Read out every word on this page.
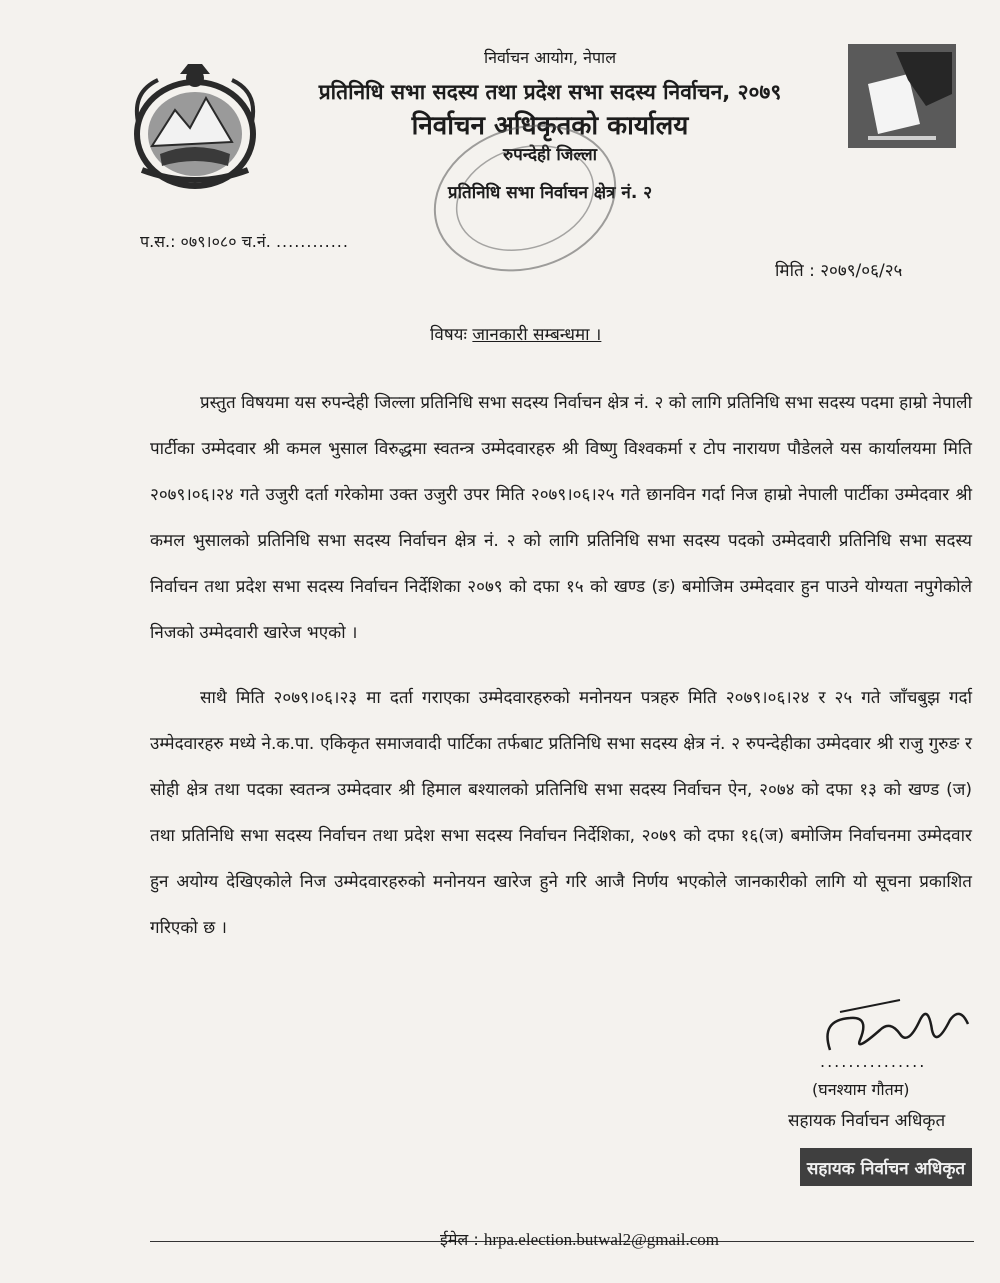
निर्वाचन आयोग, नेपाल
प्रतिनिधि सभा सदस्य तथा प्रदेश सभा सदस्य निर्वाचन, २०७९
निर्वाचन अधिकृतको कार्यालय
रुपन्देही जिल्ला
प्रतिनिधि सभा निर्वाचन क्षेत्र नं. २
प.स.: ०७९।०८० च.नं. ............
मिति : २०७९/०६/२५
विषयः जानकारी सम्बन्धमा ।
प्रस्तुत विषयमा यस रुपन्देही जिल्ला प्रतिनिधि सभा सदस्य निर्वाचन क्षेत्र नं. २ को लागि प्रतिनिधि सभा सदस्य पदमा हाम्रो नेपाली पार्टीका उम्मेदवार श्री कमल भुसाल विरुद्धमा स्वतन्त्र उम्मेदवारहरु श्री विष्णु विश्वकर्मा र टोप नारायण पौडेलले यस कार्यालयमा मिति २०७९।०६।२४ गते उजुरी दर्ता गरेकोमा उक्त उजुरी उपर मिति २०७९।०६।२५ गते छानविन गर्दा निज हाम्रो नेपाली पार्टीका उम्मेदवार श्री कमल भुसालको प्रतिनिधि सभा सदस्य निर्वाचन क्षेत्र नं. २ को लागि प्रतिनिधि सभा सदस्य पदको उम्मेदवारी प्रतिनिधि सभा सदस्य निर्वाचन तथा प्रदेश सभा सदस्य निर्वाचन निर्देशिका २०७९ को दफा १५ को खण्ड (ङ) बमोजिम उम्मेदवार हुन पाउने योग्यता नपुगेकोले निजको उम्मेदवारी खारेज भएको ।
साथै मिति २०७९।०६।२३ मा दर्ता गराएका उम्मेदवारहरुको मनोनयन पत्रहरु मिति २०७९।०६।२४ र २५ गते जाँचबुझ गर्दा उम्मेदवारहरु मध्ये ने.क.पा. एकिकृत समाजवादी पार्टिका तर्फबाट प्रतिनिधि सभा सदस्य क्षेत्र नं. २ रुपन्देहीका उम्मेदवार श्री राजु गुरुङ र सोही क्षेत्र तथा पदका स्वतन्त्र उम्मेदवार श्री हिमाल बश्यालको प्रतिनिधि सभा सदस्य निर्वाचन ऐन, २०७४ को दफा १३ को खण्ड (ज) तथा प्रतिनिधि सभा सदस्य निर्वाचन तथा प्रदेश सभा सदस्य निर्वाचन निर्देशिका, २०७९ को दफा १६(ज) बमोजिम निर्वाचनमा उम्मेदवार हुन अयोग्य देखिएकोले निज उम्मेदवारहरुको मनोनयन खारेज हुने गरि आजै निर्णय भएकोले जानकारीको लागि यो सूचना प्रकाशित गरिएको छ ।
...............
(घनश्याम गौतम)
सहायक निर्वाचन अधिकृत
सहायक निर्वाचन अधिकृत
ईमेल : hrpa.election.butwal2@gmail.com
